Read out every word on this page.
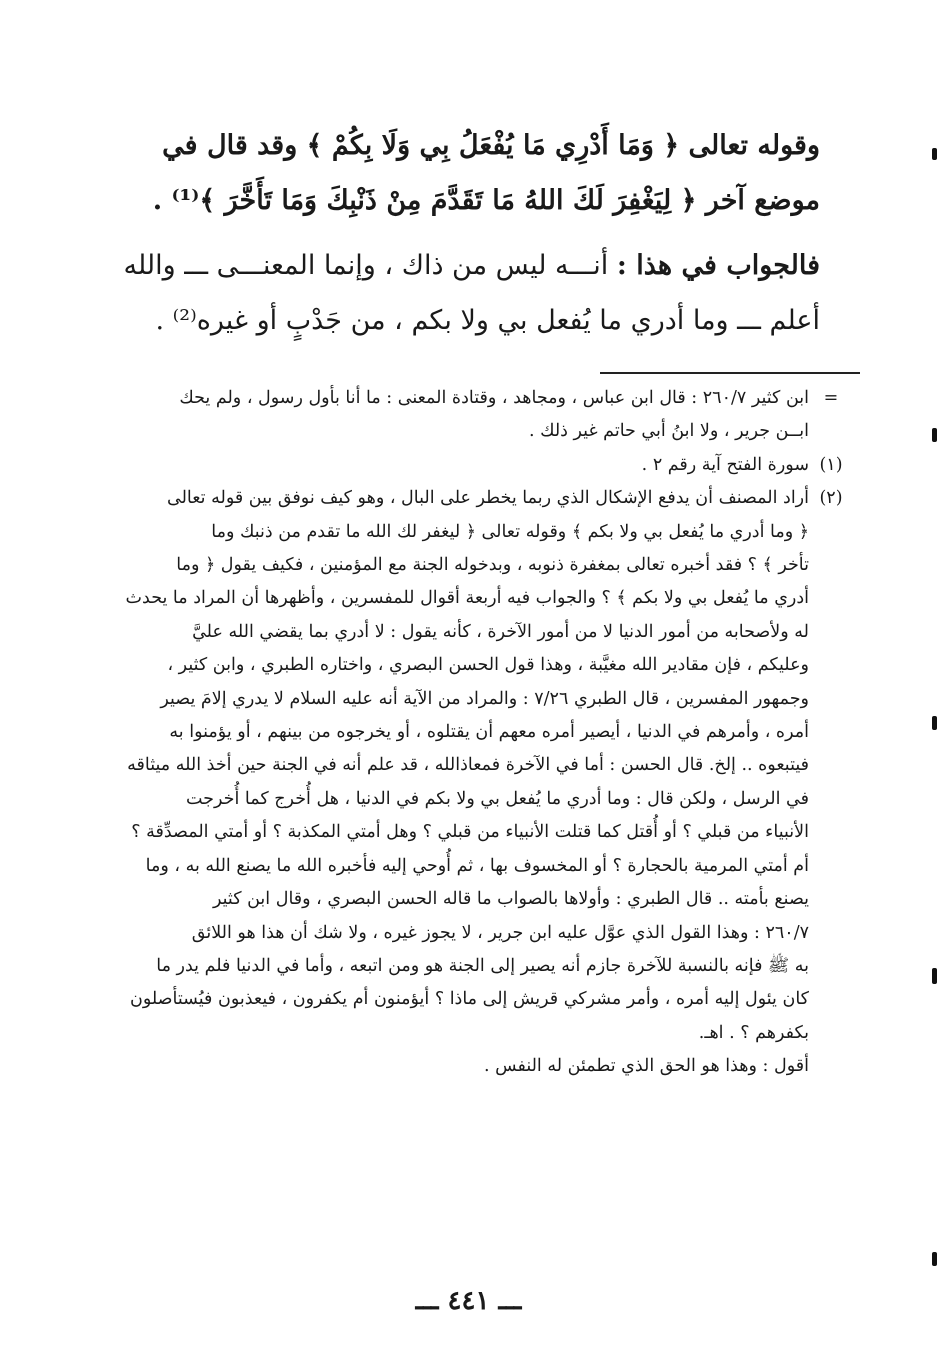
وقوله تعالى ﴿ وَمَا أَدْرِي مَا يُفْعَلُ بِي وَلَا بِكُمْ ﴾ وقد قال في
موضع آخر ﴿ لِيَغْفِرَ لَكَ اللهُ مَا تَقَدَّمَ مِنْ ذَنْبِكَ وَمَا تَأَخَّرَ ﴾⁽¹⁾ .

فالجواب في هذا : أنـــه ليس من ذاك ، وإنما المعنـــى ـــ والله
أعلم ـــ وما أدري ما يُفعل بي ولا بكم ، من جَدْبٍ أو غيره⁽²⁾ .

=
ابن كثير ٢٦٠/٧ : قال ابن عباس ، ومجاهد ، وقتادة المعنى : ما أنا بأول رسول ، ولم يحك
ابــن جرير ، ولا ابنُ أبي حاتم غير ذلك .
(١)
سورة الفتح آية رقم ٢ .
(٢)
أراد المصنف أن يدفع الإشكال الذي ربما يخطر على البال ، وهو كيف نوفق بين قوله تعالى
﴿ وما أدري ما يُفعل بي ولا بكم ﴾ وقوله تعالى ﴿ ليغفر لك الله ما تقدم من ذنبك وما
تأخر ﴾ ؟ فقد أخبره تعالى بمغفرة ذنوبه ، وبدخوله الجنة مع المؤمنين ، فكيف يقول ﴿ وما
أدري ما يُفعل بي ولا بكم ﴾ ؟ والجواب فيه أربعة أقوال للمفسرين ، وأظهرها أن المراد ما يحدث
له ولأصحابه من أمور الدنيا لا من أمور الآخرة ، كأنه يقول : لا أدري بما يقضي الله عليَّ
وعليكم ، فإن مقادير الله مغيَّبة ، وهذا قول الحسن البصري ، واختاره الطبري ، وابن كثير ،
وجمهور المفسرين ، قال الطبري ٧/٢٦ : والمراد من الآية أنه عليه السلام لا يدري إلامَ يصير
أمره ، وأمرهم في الدنيا ، أيصير أمره معهم أن يقتلوه ، أو يخرجوه من بينهم ، أو يؤمنوا به
فيتبعوه .. إلخ. قال الحسن : أما في الآخرة فمعاذالله ، قد علم أنه في الجنة حين أخذ الله ميثاقه
في الرسل ، ولكن قال : وما أدري ما يُفعل بي ولا بكم في الدنيا ، هل أُخرج كما أُخرجت
الأنبياء من قبلي ؟ أو أُقتل كما قتلت الأنبياء من قبلي ؟ وهل أمتي المكذبة ؟ أو أمتي المصدِّقة ؟
أم أمتي المرمية بالحجارة ؟ أو المخسوف بها ، ثم أُوحي إليه فأخبره الله ما يصنع الله به ، وما
يصنع بأمته .. قال الطبري : وأولاها بالصواب ما قاله الحسن البصري ، وقال ابن كثير
٢٦٠/٧ : وهذا القول الذي عوَّل عليه ابن جرير ، لا يجوز غيره ، ولا شك أن هذا هو اللائق
به ﷺ فإنه بالنسبة للآخرة جازم أنه يصير إلى الجنة هو ومن اتبعه ، وأما في الدنيا فلم يدر ما
كان يئول إليه أمره ، وأمر مشركي قريش إلى ماذا ؟ أيؤمنون أم يكفرون ، فيعذبون فيُستأصلون
بكفرهم ؟ . اهـ.
أقول : وهذا هو الحق الذي تطمئن له النفس .
ـــ ٤٤١ ـــ
